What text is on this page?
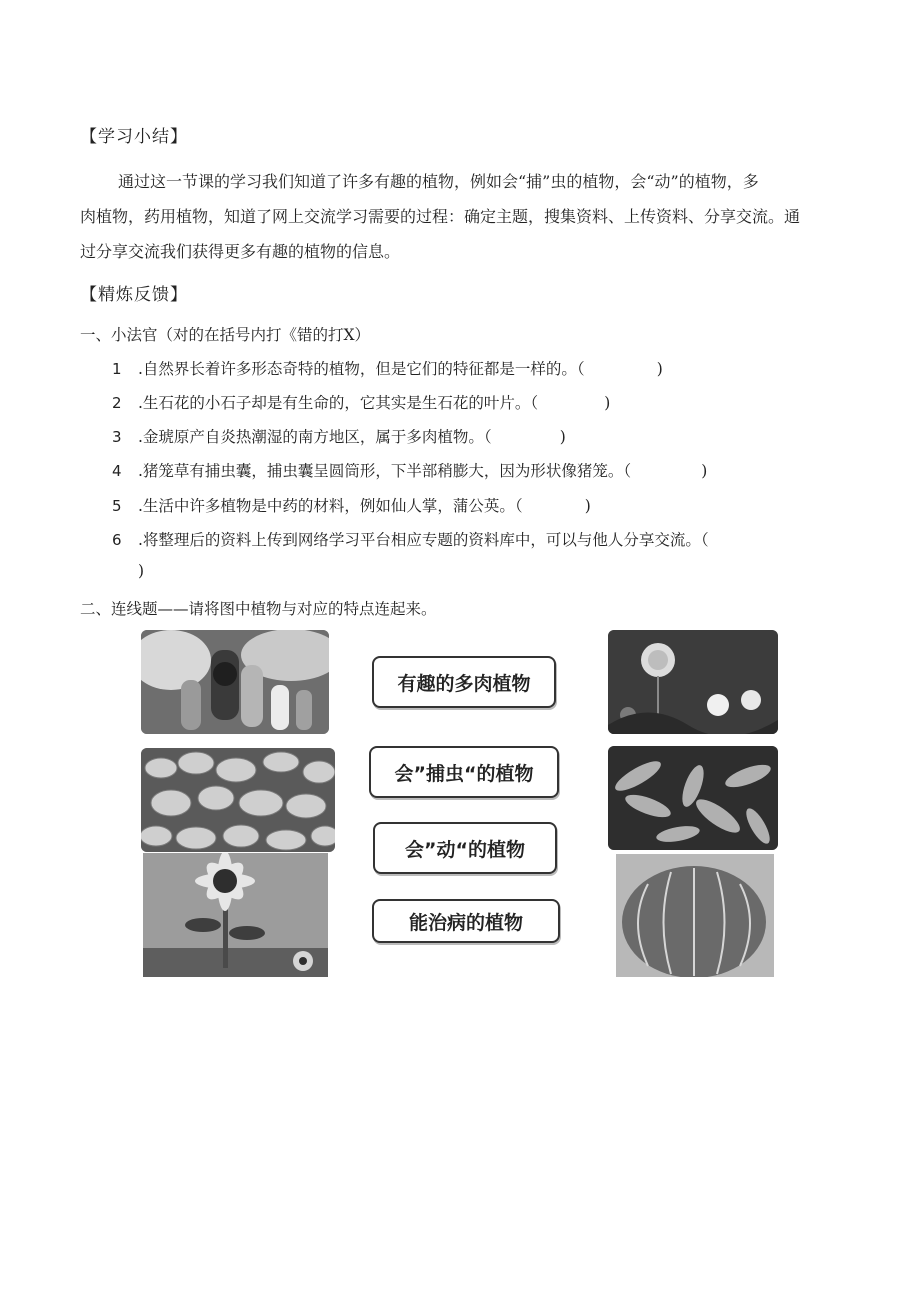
【学习小结】
通过这一节课的学习我们知道了许多有趣的植物，例如会“捕”虫的植物，会“动”的植物，多
肉植物，药用植物，知道了网上交流学习需要的过程：确定主题，搜集资料、上传资料、分享交流。通
过分享交流我们获得更多有趣的植物的信息。
【精炼反馈】
一、小法官（对的在括号内打《错的打X）
1 .自然界长着许多形态奇特的植物，但是它们的特征都是一样的。（	)
2 .生石花的小石子却是有生命的，它其实是生石花的叶片。（	)
3 .金琥原产自炎热潮湿的南方地区，属于多肉植物。（	)
4 .猪笼草有捕虫囊，捕虫囊呈圆筒形，下半部稍膨大，因为形状像猪笼。（	)
5 .生活中许多植物是中药的材料，例如仙人掌，蒲公英。（	)
6 .将整理后的资料上传到网络学习平台相应专题的资料库中，可以与他人分享交流。（
)
二、连线题——请将图中植物与对应的特点连起来。
有趣的多肉植物
会”捕虫“的植物
会”动“的植物
能治病的植物
